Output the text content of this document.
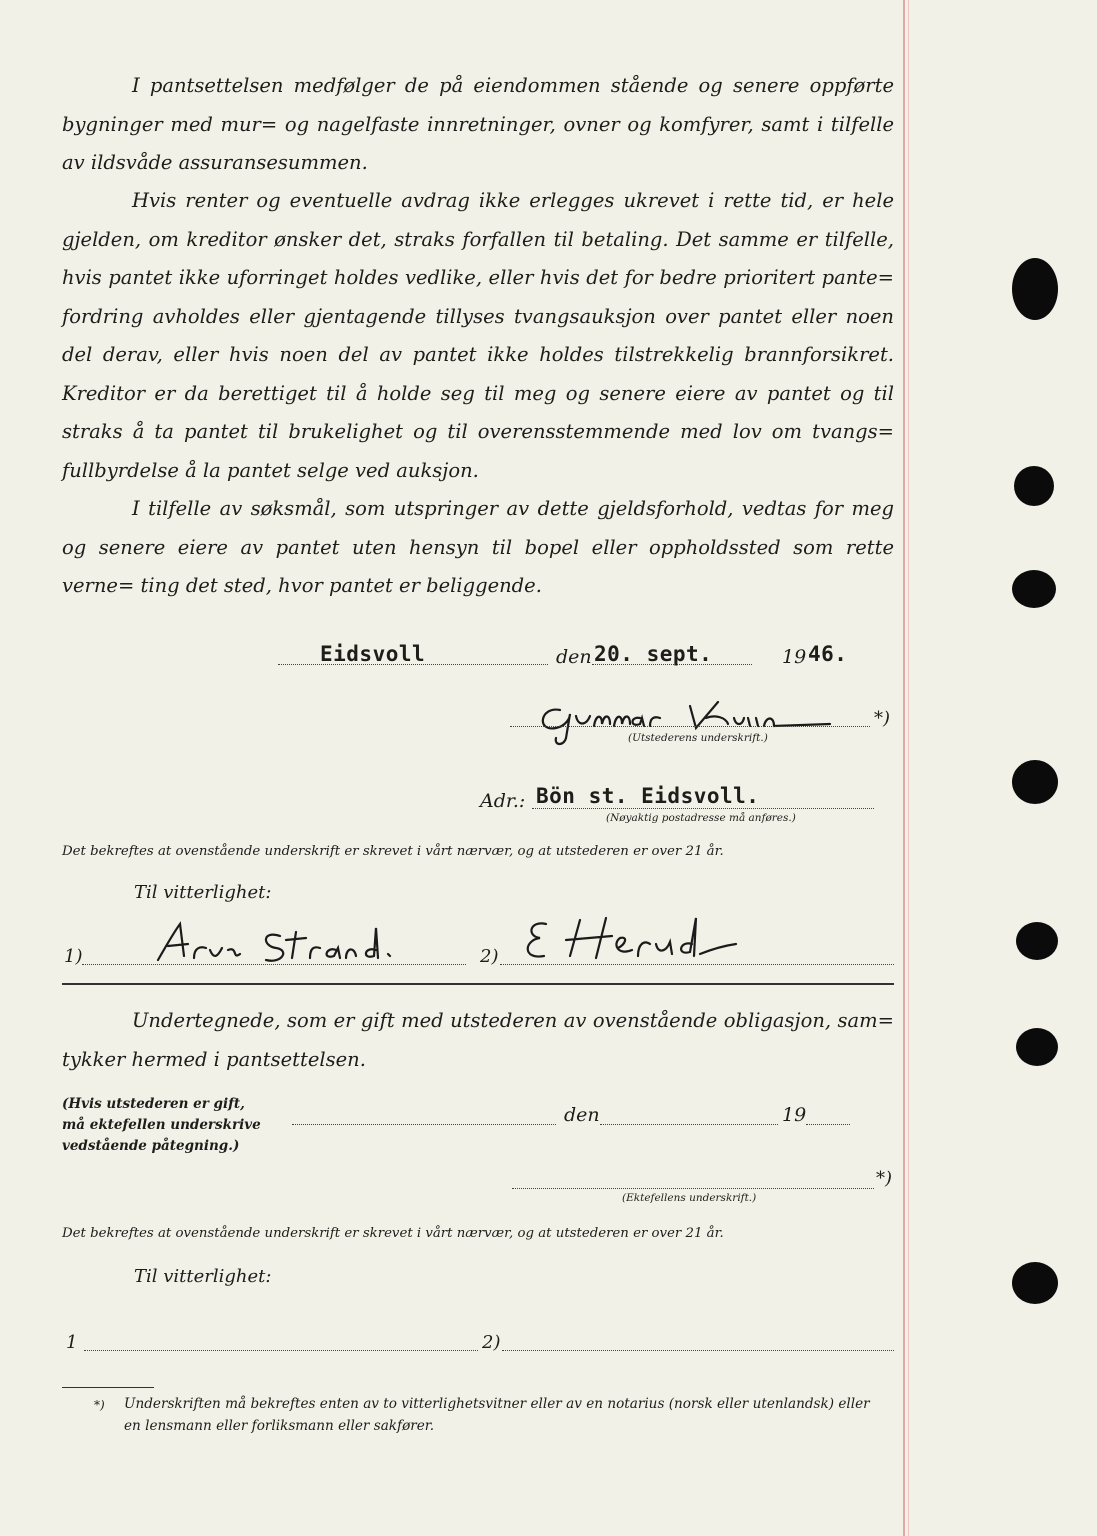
I pantsettelsen medfølger de på eiendommen stående og senere oppførte bygninger med mur= og nagelfaste innretninger, ovner og komfyrer, samt i tilfelle av ildsvåde assuransesummen.

Hvis renter og eventuelle avdrag ikke erlegges ukrevet i rette tid, er hele gjelden, om kreditor ønsker det, straks forfallen til betaling. Det samme er tilfelle, hvis pantet ikke uforringet holdes vedlike, eller hvis det for bedre prioritert pante= fordring avholdes eller gjentagende tillyses tvangsauksjon over pantet eller noen del derav, eller hvis noen del av pantet ikke holdes tilstrekkelig brannforsikret. Kreditor er da berettiget til å holde seg til meg og senere eiere av pantet og til straks å ta pantet til brukelighet og til overensstemmende med lov om tvangs= fullbyrdelse å la pantet selge ved auksjon.

I tilfelle av søksmål, som utspringer av dette gjeldsforhold, vedtas for meg og senere eiere av pantet uten hensyn til bopel eller oppholdssted som rette verne= ting det sted, hvor pantet er beliggende.

Eidsvoll	den 20. sept.	19 46.
*)
(Utstederens underskrift.)
Adr.: Bön st. Eidsvoll.
(Nøyaktig postadresse må anføres.)
Det bekreftes at ovenstående underskrift er skrevet i vårt nærvær, og at utstederen er over 21 år.
Til vitterlighet:
1)	2)

Undertegnede, som er gift med utstederen av ovenstående obligasjon, sam= tykker hermed i pantsettelsen.

(Hvis utstederen er gift,
må ektefellen underskrive
vedstående påtegning.)
den	19
*)
(Ektefellens underskrift.)
Det bekreftes at ovenstående underskrift er skrevet i vårt nærvær, og at utstederen er over 21 år.
Til vitterlighet:
1	2)
*) Underskriften må bekreftes enten av to vitterlighetsvitner eller av en notarius (norsk eller utenlandsk) eller
en lensmann eller forliksmann eller sakfører.
